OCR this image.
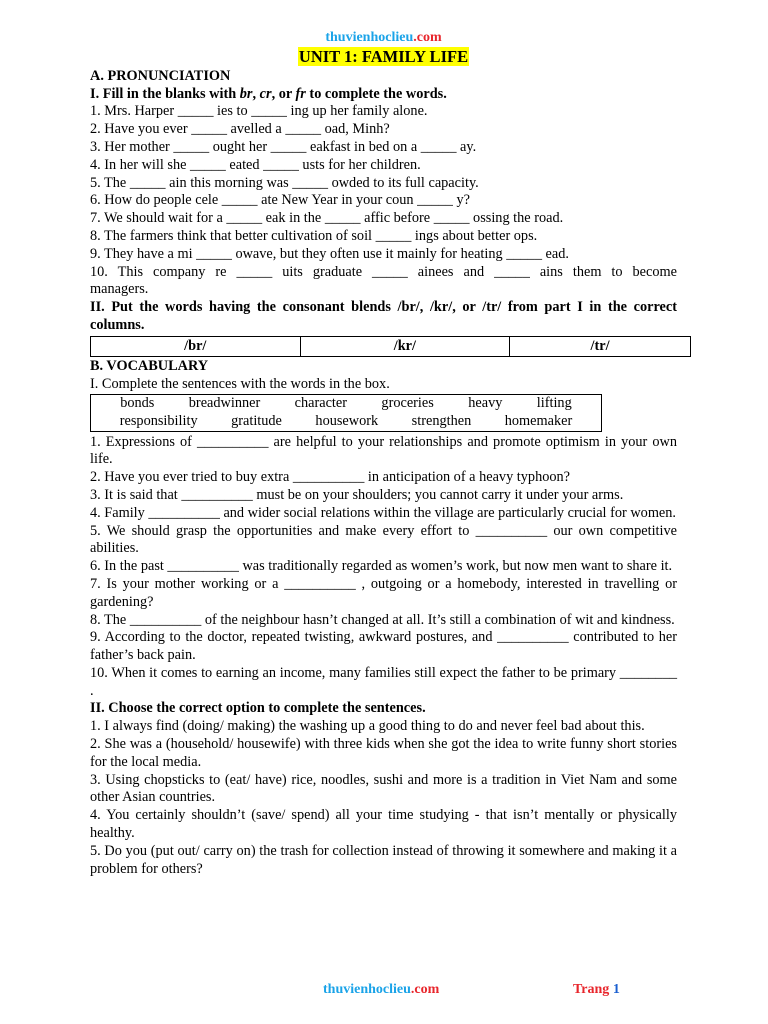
thuvienhoclieu.com
UNIT 1: FAMILY LIFE

A. PRONUNCIATION

I. Fill in the blanks with br, cr, or fr to complete the words.

1. Mrs. Harper _____ ies to _____ ing up her family alone.

2. Have you ever _____ avelled a _____ oad, Minh?

3. Her mother _____ ought her _____ eakfast in bed on a _____ ay.

4. In her will she _____ eated _____ usts for her children.

5. The _____ ain this morning was _____ owded to its full capacity.

6. How do people cele _____ ate New Year in your coun _____ y?

7. We should wait for a _____ eak in the _____ affic before _____ ossing the road.

8. The farmers think that better cultivation of soil _____ ings about better ops.

9. They have a mi _____ owave, but they often use it mainly for heating _____ ead.

10. This company re _____ uits graduate _____ ainees and _____ ains them to become

managers.

II. Put the words having the consonant blends /br/, /kr/, or /tr/ from part I in the correct

columns.

/br/	/kr/	/tr/

B. VOCABULARY

I. Complete the sentences with the words in the box.

bonds breadwinner character groceries heavy lifting
responsibility gratitude housework strengthen homemaker

1. Expressions of __________ are helpful to your relationships and promote optimism in your own life.

2. Have you ever tried to buy extra __________ in anticipation of a heavy typhoon?

3. It is said that __________ must be on your shoulders; you cannot carry it under your arms.

4. Family __________ and wider social relations within the village are particularly crucial for women.

5. We should grasp the opportunities and make every effort to __________ our own competitive abilities.

6. In the past __________ was traditionally regarded as women’s work, but now men want to share it.

7. Is your mother working or a __________ , outgoing or a homebody, interested in travelling or gardening?

8. The __________ of the neighbour hasn’t changed at all. It’s still a combination of wit and kindness.

9. According to the doctor, repeated twisting, awkward postures, and __________ contributed to her father’s back pain.

10. When it comes to earning an income, many families still expect the father to be primary ________ .

II. Choose the correct option to complete the sentences.

1. I always find (doing/ making) the washing up a good thing to do and never feel bad about this.

2. She was a (household/ housewife) with three kids when she got the idea to write funny short stories for the local media.

3. Using chopsticks to (eat/ have) rice, noodles, sushi and more is a tradition in Viet Nam and some other Asian countries.

4. You certainly shouldn’t (save/ spend) all your time studying - that isn’t mentally or physically healthy.

5. Do you (put out/ carry on) the trash for collection instead of throwing it somewhere and making it a problem for others?

thuvienhoclieu.com	Trang 1
